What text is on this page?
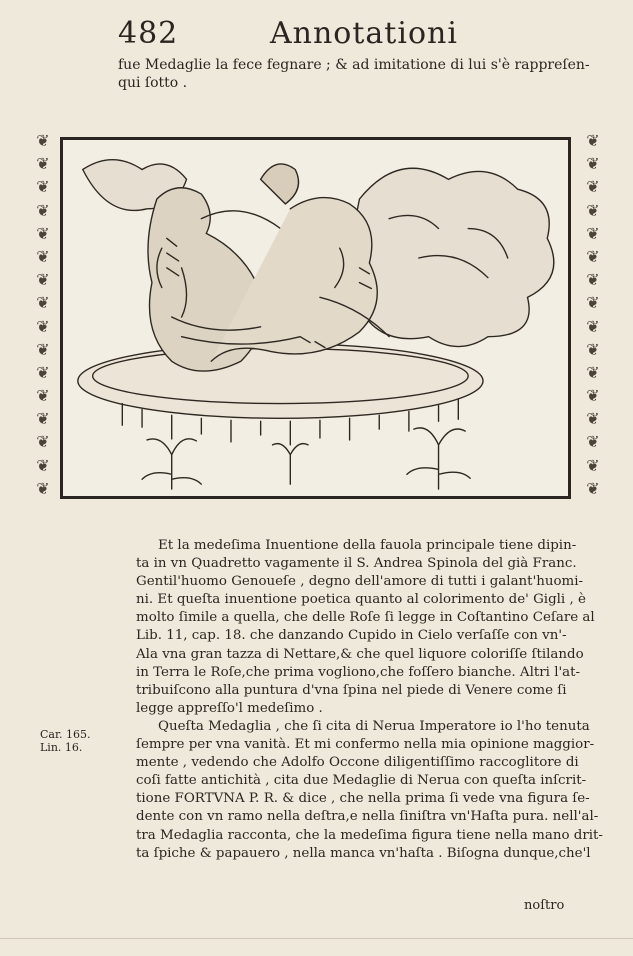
482	Annotationi
fue Medaglie la fece fegnare ; & ad imitatione di lui s'è rappreſen-
qui ſotto .
❦
❦
❦
❦
❦
❦
❦
❦
❦
❦
❦
❦
❦
❦
❦
❦
❦
❦
❦
❦
❦
❦
❦
❦
❦
❦
❦
❦
❦
❦
❦
❦

Et la medeſima Inuentione della fauola principale tiene dipin-
ta in vn Quadretto vagamente il S. Andrea Spinola del già Franc.
Gentil'huomo Genoueſe , degno dell'amore di tutti i galant'huomi-
ni. Et queſta inuentione poetica quanto al colorimento de' Gigli , è
molto ſimile a quella, che delle Roſe ſi legge in Coſtantino Ceſare al
Lib. 11, cap. 18. che danzando Cupido in Cielo verſaſſe con vn'-
Ala vna gran tazza di Nettare,& che quel liquore coloriſſe ſtilando
in Terra le Roſe,che prima vogliono,che foſſero bianche. Altri l'at-
tribuiſcono alla puntura d'vna ſpina nel piede di Venere come ſi
legge appreſſo'l medeſimo .

Queſta Medaglia , che ſi cita di Nerua Imperatore io l'ho tenuta
ſempre per vna vanità. Et mi confermo nella mia opinione maggior-
mente , vedendo che Adolfo Occone diligentiſſimo raccoglitore di
coſi fatte antichità , cita due Medaglie di Nerua con queſta inſcrit-
tione FORTVNA P. R. & dice , che nella prima ſi vede vna figura ſe-
dente con vn ramo nella deſtra,e nella ſiniſtra vn'Haſta pura. nell'al-
tra Medaglia racconta, che la medeſima figura tiene nella mano drit-
ta ſpiche & papauero , nella manca vn'haſta . Biſogna dunque,che'l

Car. 165.
Lin. 16.
noſtro
